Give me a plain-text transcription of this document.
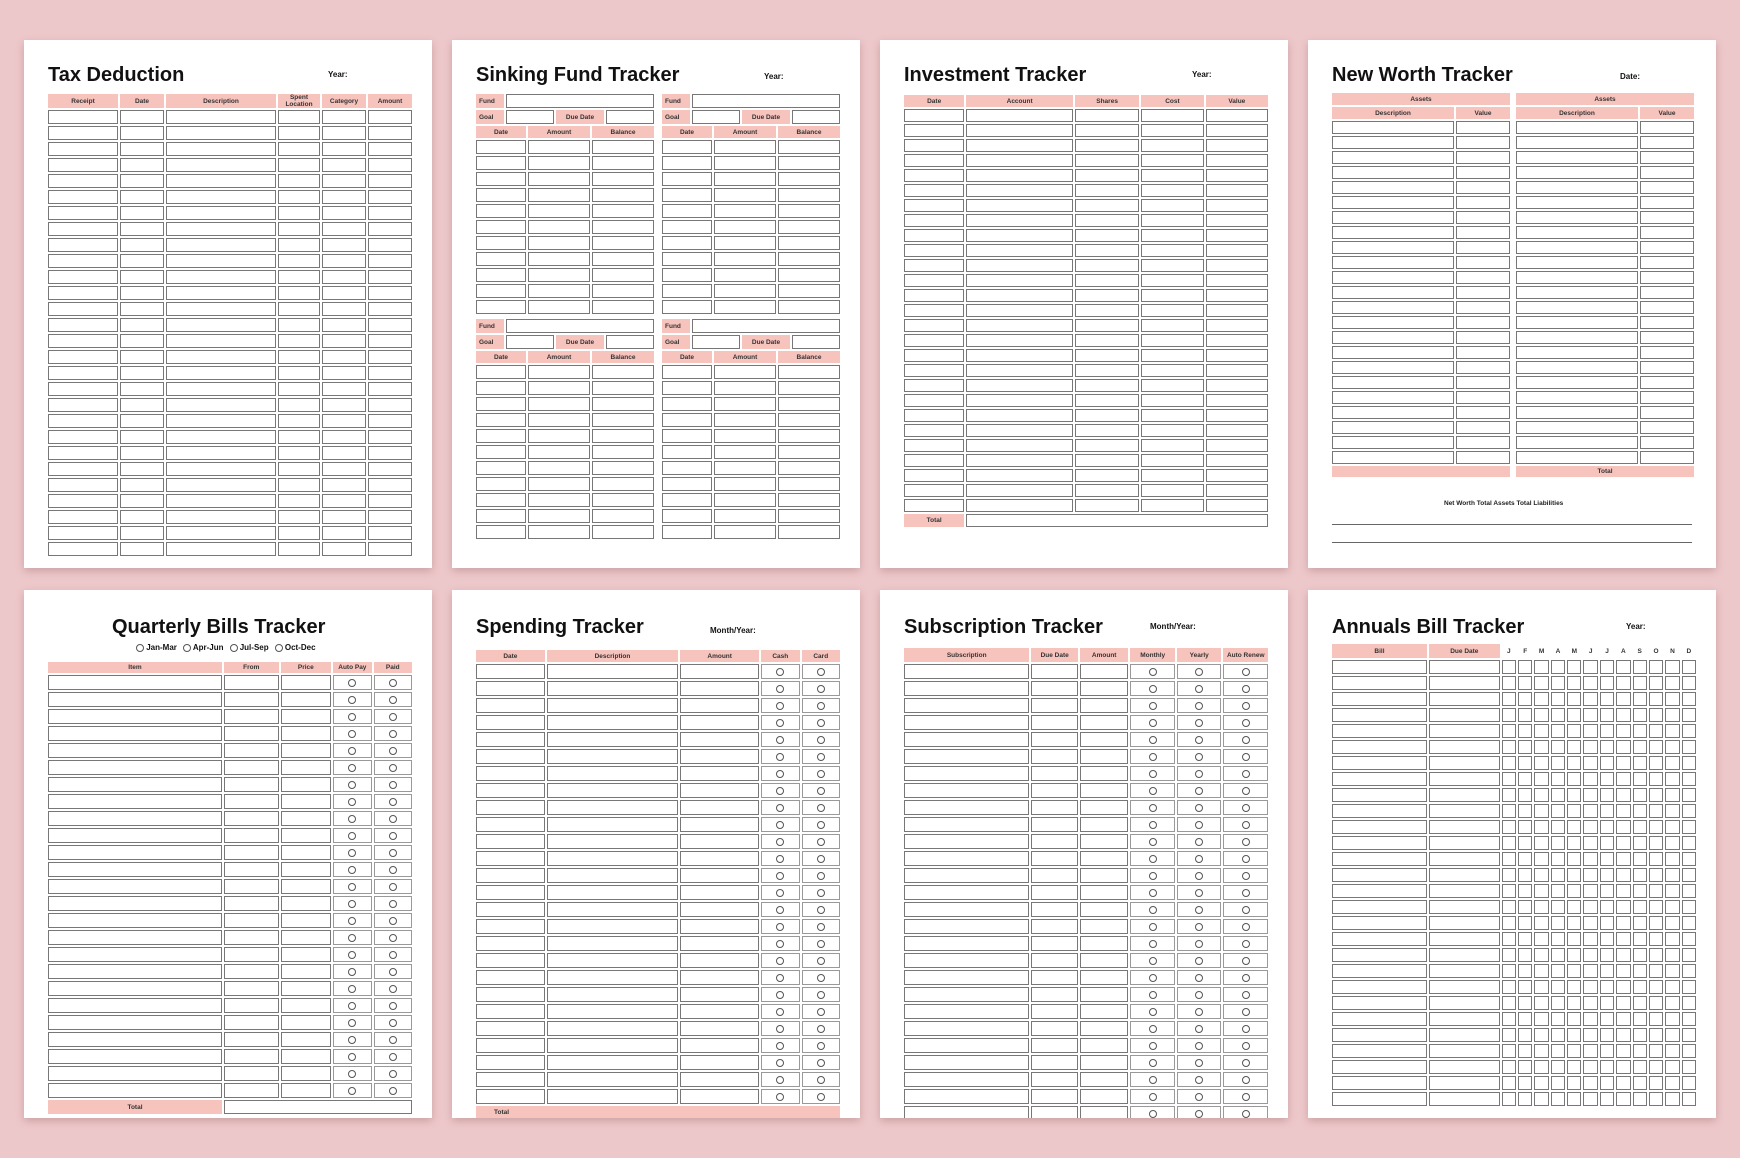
Tax Deduction	Year:
Receipt	Date	Description	Spent Location	Category	Amount

Sinking Fund Tracker	Year:
Fund			
Goal		Due Date	
Date	Amount	Balance

Fund			
Goal		Due Date	
Date	Amount	Balance

Fund			
Goal		Due Date	
Date	Amount	Balance

Fund			
Goal		Due Date	
Date	Amount	Balance

Investment Tracker	Year:
Date	Account	Shares	Cost	Value

Total				
New Worth Tracker	Date:
Assets	
Description	Value

Assets	
Description	Value

Total	
Net Worth Total Assets Total Liabilities
Quarterly Bills Tracker
Jan-Mar Apr-Jun Jul-Sep Oct-Dec
Item	From	Price	Auto Pay	Paid

Total				
Spending Tracker	Month/Year:
Date	Description	Amount	Cash	Card

Total				
Subscription Tracker	Month/Year:
Subscription	Due Date	Amount	Monthly	Yearly	Auto Renew

Annuals Bill Tracker	Year:
Bill	Due Date	J	F	M	A	M	J	J	A	S	O	N	D
